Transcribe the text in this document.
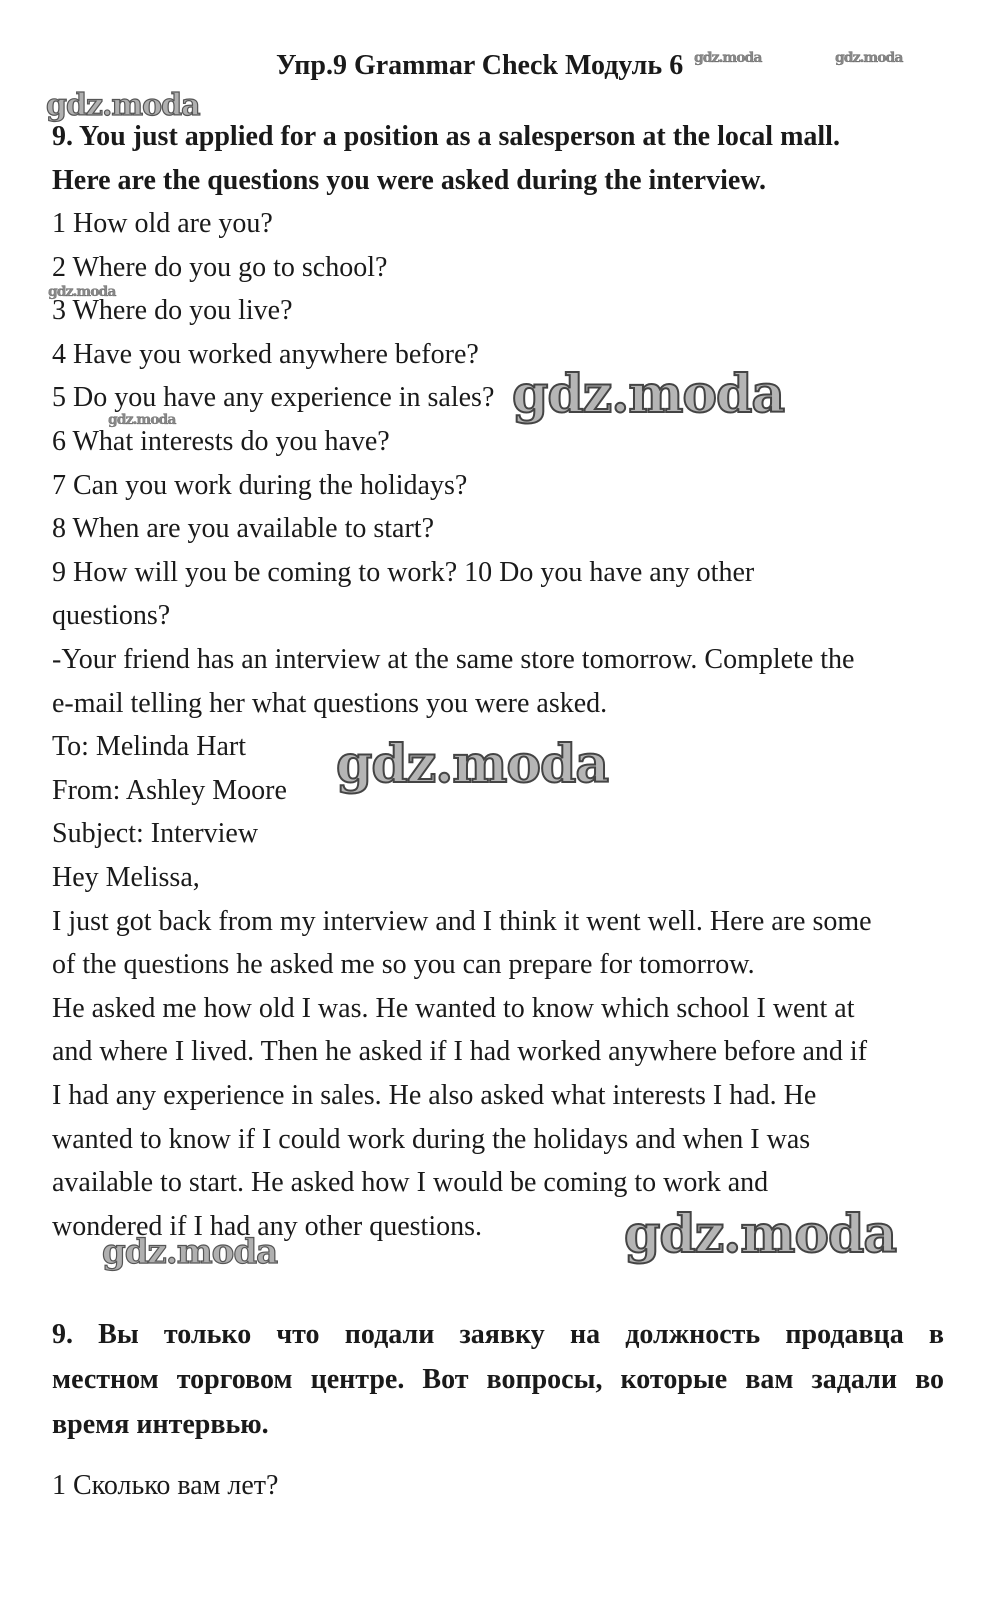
Упр.9 Grammar Check Модуль 6 gdz.moda	gdz.moda
gdz.moda
gdz.moda
gdz.moda	gdz.moda
gdz.moda
gdz.moda
gdz.moda
9. You just applied for a position as a salesperson at the local mall.
Here are the questions you were asked during the interview.
1 How old are you?
2 Where do you go to school?
3 Where do you live?
4 Have you worked anywhere before?
5 Do you have any experience in sales?
6 What interests do you have?
7 Can you work during the holidays?
8 When are you available to start?
9 How will you be coming to work? 10 Do you have any other
questions?
-Your friend has an interview at the same store tomorrow. Complete the
e-mail telling her what questions you were asked.
To: Melinda Hart
From: Ashley Moore
Subject: Interview
Hey Melissa,
I just got back from my interview and I think it went well. Here are some
of the questions he asked me so you can prepare for tomorrow.
He asked me how old I was. He wanted to know which school I went at
and where I lived. Then he asked if I had worked anywhere before and if
I had any experience in sales. He also asked what interests I had. He
wanted to know if I could work during the holidays and when I was
available to start. He asked how I would be coming to work and
wondered if I had any other questions.
9. Вы только что подали заявку на должность продавца в
местном торговом центре. Вот вопросы, которые вам задали во
время интервью.
1 Сколько вам лет?
